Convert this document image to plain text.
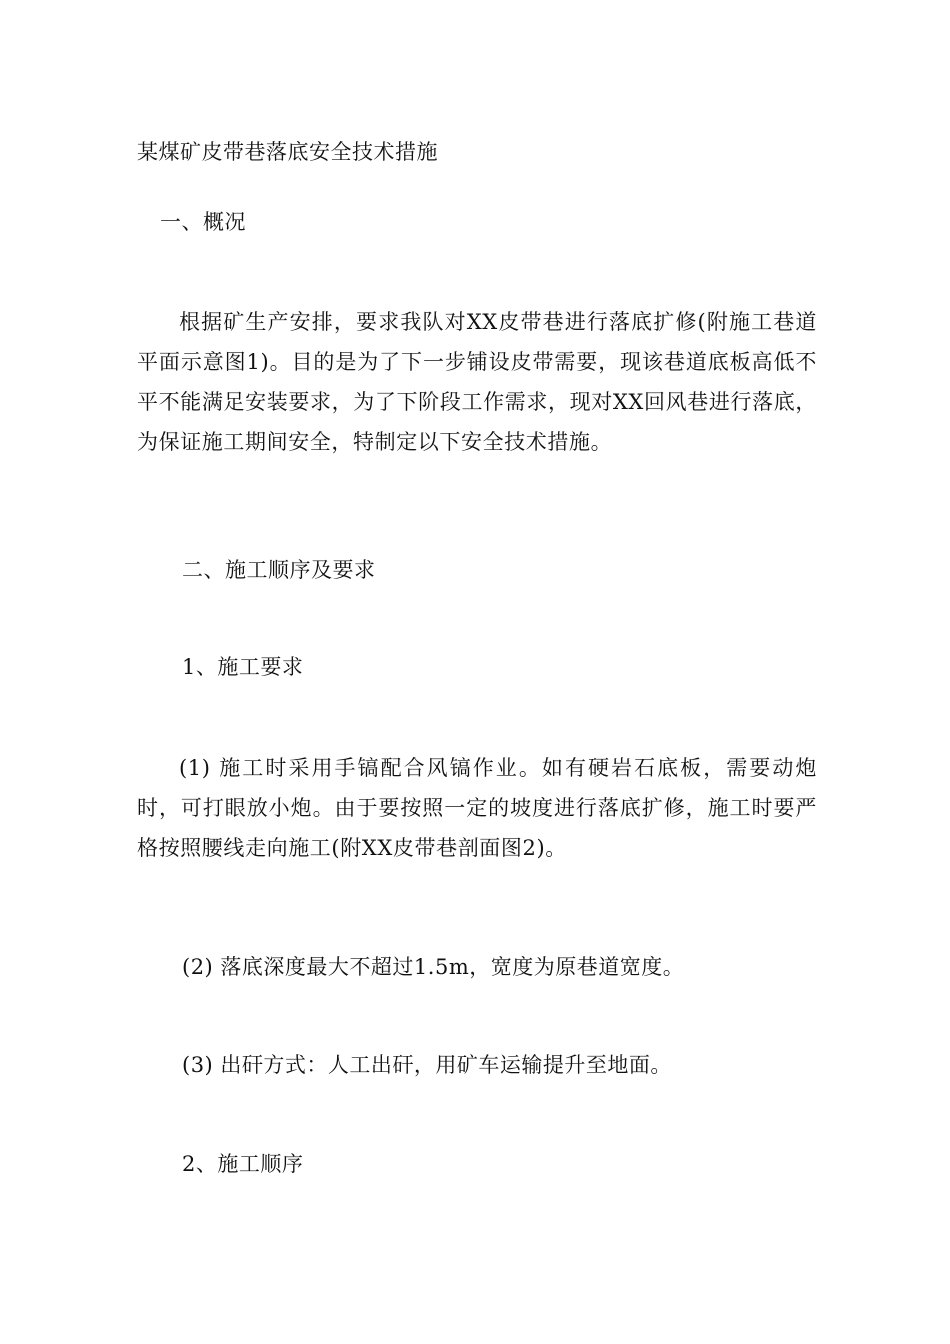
某煤矿皮带巷落底安全技术措施
一、概况
根据矿生产安排，要求我队对XX皮带巷进行落底扩修(附施工巷道平面示意图1)。目的是为了下一步铺设皮带需要，现该巷道底板高低不平不能满足安装要求，为了下阶段工作需求，现对XX回风巷进行落底，为保证施工期间安全，特制定以下安全技术措施。
二、施工顺序及要求
1、施工要求
(1) 施工时采用手镐配合风镐作业。如有硬岩石底板，需要动炮时，可打眼放小炮。由于要按照一定的坡度进行落底扩修，施工时要严格按照腰线走向施工(附XX皮带巷剖面图2)。
(2) 落底深度最大不超过1.5m，宽度为原巷道宽度。
(3) 出矸方式：人工出矸，用矿车运输提升至地面。
2、施工顺序
